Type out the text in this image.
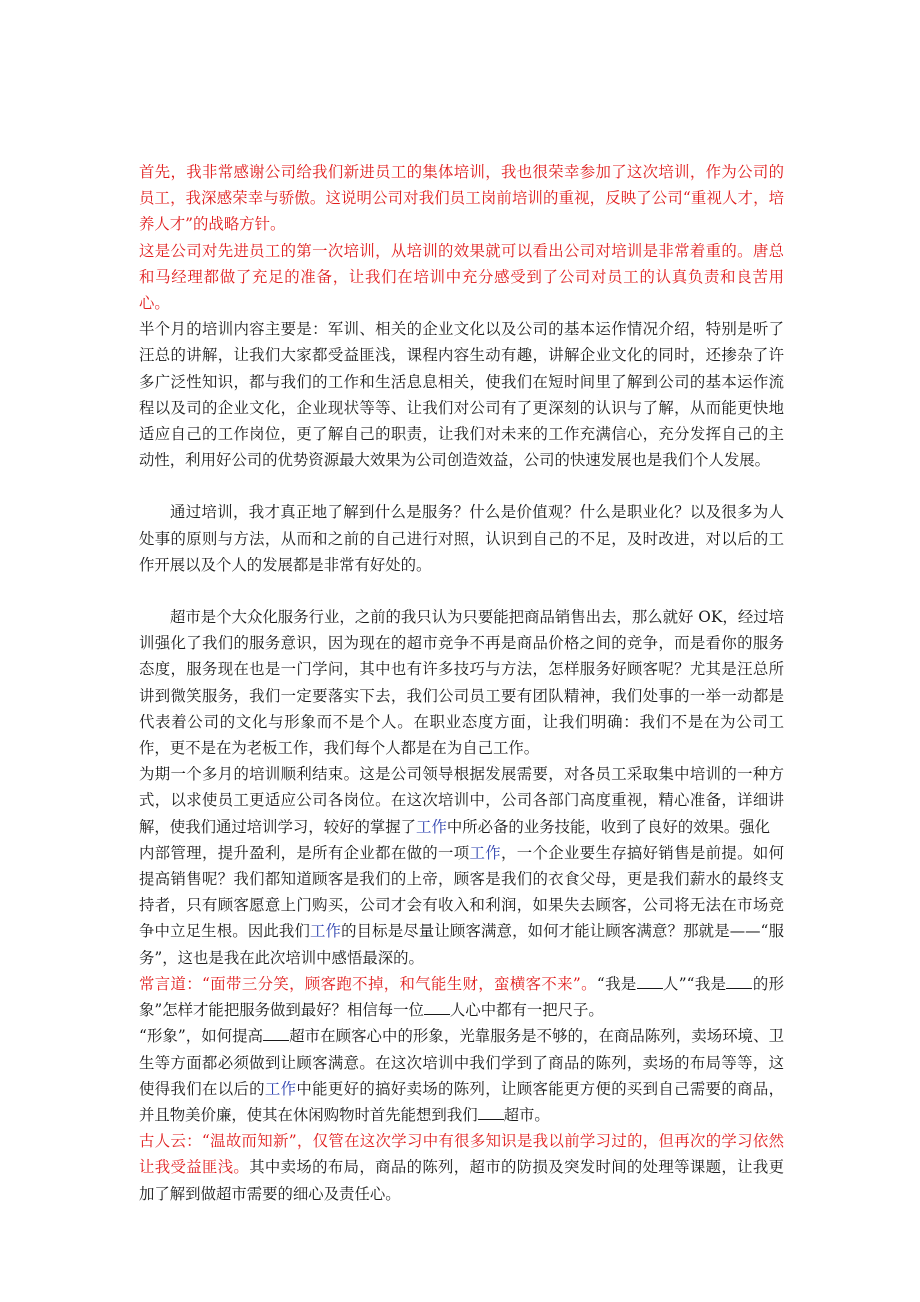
首先，我非常感谢公司给我们新进员工的集体培训，我也很荣幸参加了这次培训，作为公司的员工，我深感荣幸与骄傲。这说明公司对我们员工岗前培训的重视，反映了公司“重视人才，培养人才”的战略方针。

这是公司对先进员工的第一次培训，从培训的效果就可以看出公司对培训是非常着重的。唐总和马经理都做了充足的准备，让我们在培训中充分感受到了公司对员工的认真负责和良苦用心。

半个月的培训内容主要是：军训、相关的企业文化以及公司的基本运作情况介绍，特别是听了汪总的讲解，让我们大家都受益匪浅，课程内容生动有趣，讲解企业文化的同时，还掺杂了许多广泛性知识，都与我们的工作和生活息息相关，使我们在短时间里了解到公司的基本运作流程以及司的企业文化，企业现状等等、让我们对公司有了更深刻的认识与了解，从而能更快地适应自己的工作岗位，更了解自己的职责，让我们对未来的工作充满信心，充分发挥自己的主动性，利用好公司的优势资源最大效果为公司创造效益，公司的快速发展也是我们个人发展。

通过培训，我才真正地了解到什么是服务？什么是价值观？什么是职业化？以及很多为人处事的原则与方法，从而和之前的自己进行对照，认识到自己的不足，及时改进，对以后的工作开展以及个人的发展都是非常有好处的。

超市是个大众化服务行业，之前的我只认为只要能把商品销售出去，那么就好 OK，经过培训强化了我们的服务意识，因为现在的超市竞争不再是商品价格之间的竞争，而是看你的服务态度，服务现在也是一门学问，其中也有许多技巧与方法，怎样服务好顾客呢？尤其是汪总所讲到微笑服务，我们一定要落实下去，我们公司员工要有团队精神，我们处事的一举一动都是代表着公司的文化与形象而不是个人。在职业态度方面，让我们明确：我们不是在为公司工作，更不是在为老板工作，我们每个人都是在为自己工作。

为期一个多月的培训顺利结束。这是公司领导根据发展需要，对各员工采取集中培训的一种方式，以求使员工更适应公司各岗位。在这次培训中，公司各部门高度重视，精心准备，详细讲解，使我们通过培训学习，较好的掌握了工作中所必备的业务技能，收到了良好的效果。强化

内部管理，提升盈利，是所有企业都在做的一项工作，一个企业要生存搞好销售是前提。如何提高销售呢？我们都知道顾客是我们的上帝，顾客是我们的衣食父母，更是我们薪水的最终支持者，只有顾客愿意上门购买，公司才会有收入和利润，如果失去顾客，公司将无法在市场竞争中立足生根。因此我们工作的目标是尽量让顾客满意，如何才能让顾客满意？那就是——“服务”，这也是我在此次培训中感悟最深的。

常言道：“面带三分笑，顾客跑不掉，和气能生财，蛮横客不来”。“我是 人”“我是 的形象”怎样才能把服务做到最好？相信每一位 人心中都有一把尺子。

“形象”，如何提高 超市在顾客心中的形象，光靠服务是不够的，在商品陈列，卖场环境、卫生等方面都必须做到让顾客满意。在这次培训中我们学到了商品的陈列，卖场的布局等等，这使得我们在以后的工作中能更好的搞好卖场的陈列，让顾客能更方便的买到自己需要的商品，并且物美价廉，使其在休闲购物时首先能想到我们 超市。

古人云：“温故而知新”，仅管在这次学习中有很多知识是我以前学习过的，但再次的学习依然让我受益匪浅。其中卖场的布局，商品的陈列，超市的防损及突发时间的处理等课题，让我更加了解到做超市需要的细心及责任心。
